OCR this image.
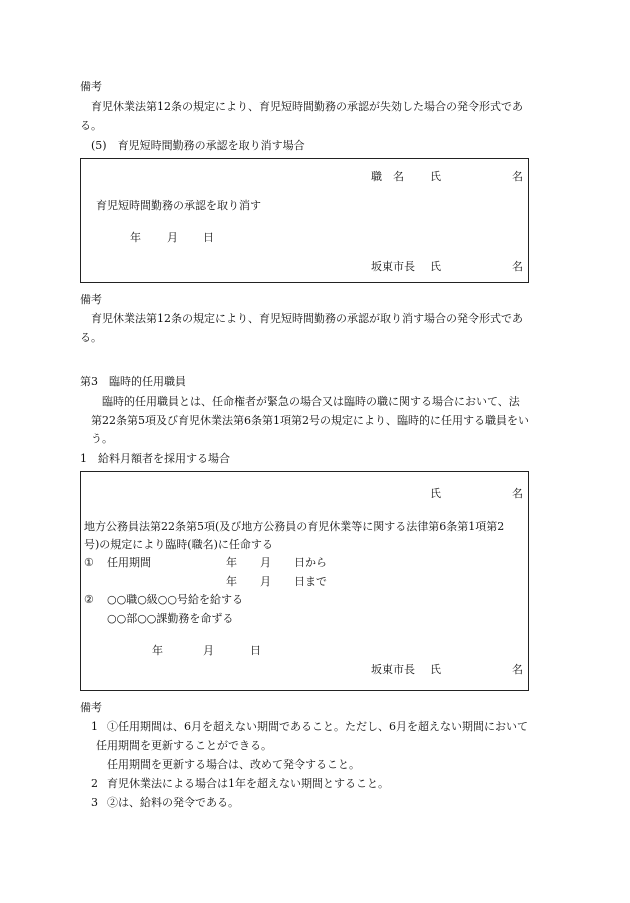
備考
育児休業法第12条の規定により、育児短時間勤務の承認が失効した場合の発令形式であ
る。
(5)　育児短時間勤務の承認を取り消す場合
職　名 氏	名
育児短時間勤務の承認を取り消す
年 月 日
坂東市長 氏	名
備考
育児休業法第12条の規定により、育児短時間勤務の承認が取り消す場合の発令形式であ
る。
第3　臨時的任用職員
臨時的任用職員とは、任命権者が緊急の場合又は臨時の職に関する場合において、法
第22条第5項及び育児休業法第6条第1項第2号の規定により、臨時的に任用する職員をい
う。
1　給料月額者を採用する場合
氏	名
地方公務員法第22条第5項(及び地方公務員の育児休業等に関する法律第6条第1項第2
号)の規定により臨時(職名)に任命する
① 任用期間	年 月 日から
年 月 日まで
② ○○職○級○○号給を給する
○○部○○課勤務を命ずる
年	月	日
坂東市長 氏	名
備考
1 ①任用期間は、6月を超えない期間であること。ただし、6月を超えない期間において
任用期間を更新することができる。
任用期間を更新する場合は、改めて発令すること。
2 育児休業法による場合は1年を超えない期間とすること。
3 ②は、給料の発令である。
